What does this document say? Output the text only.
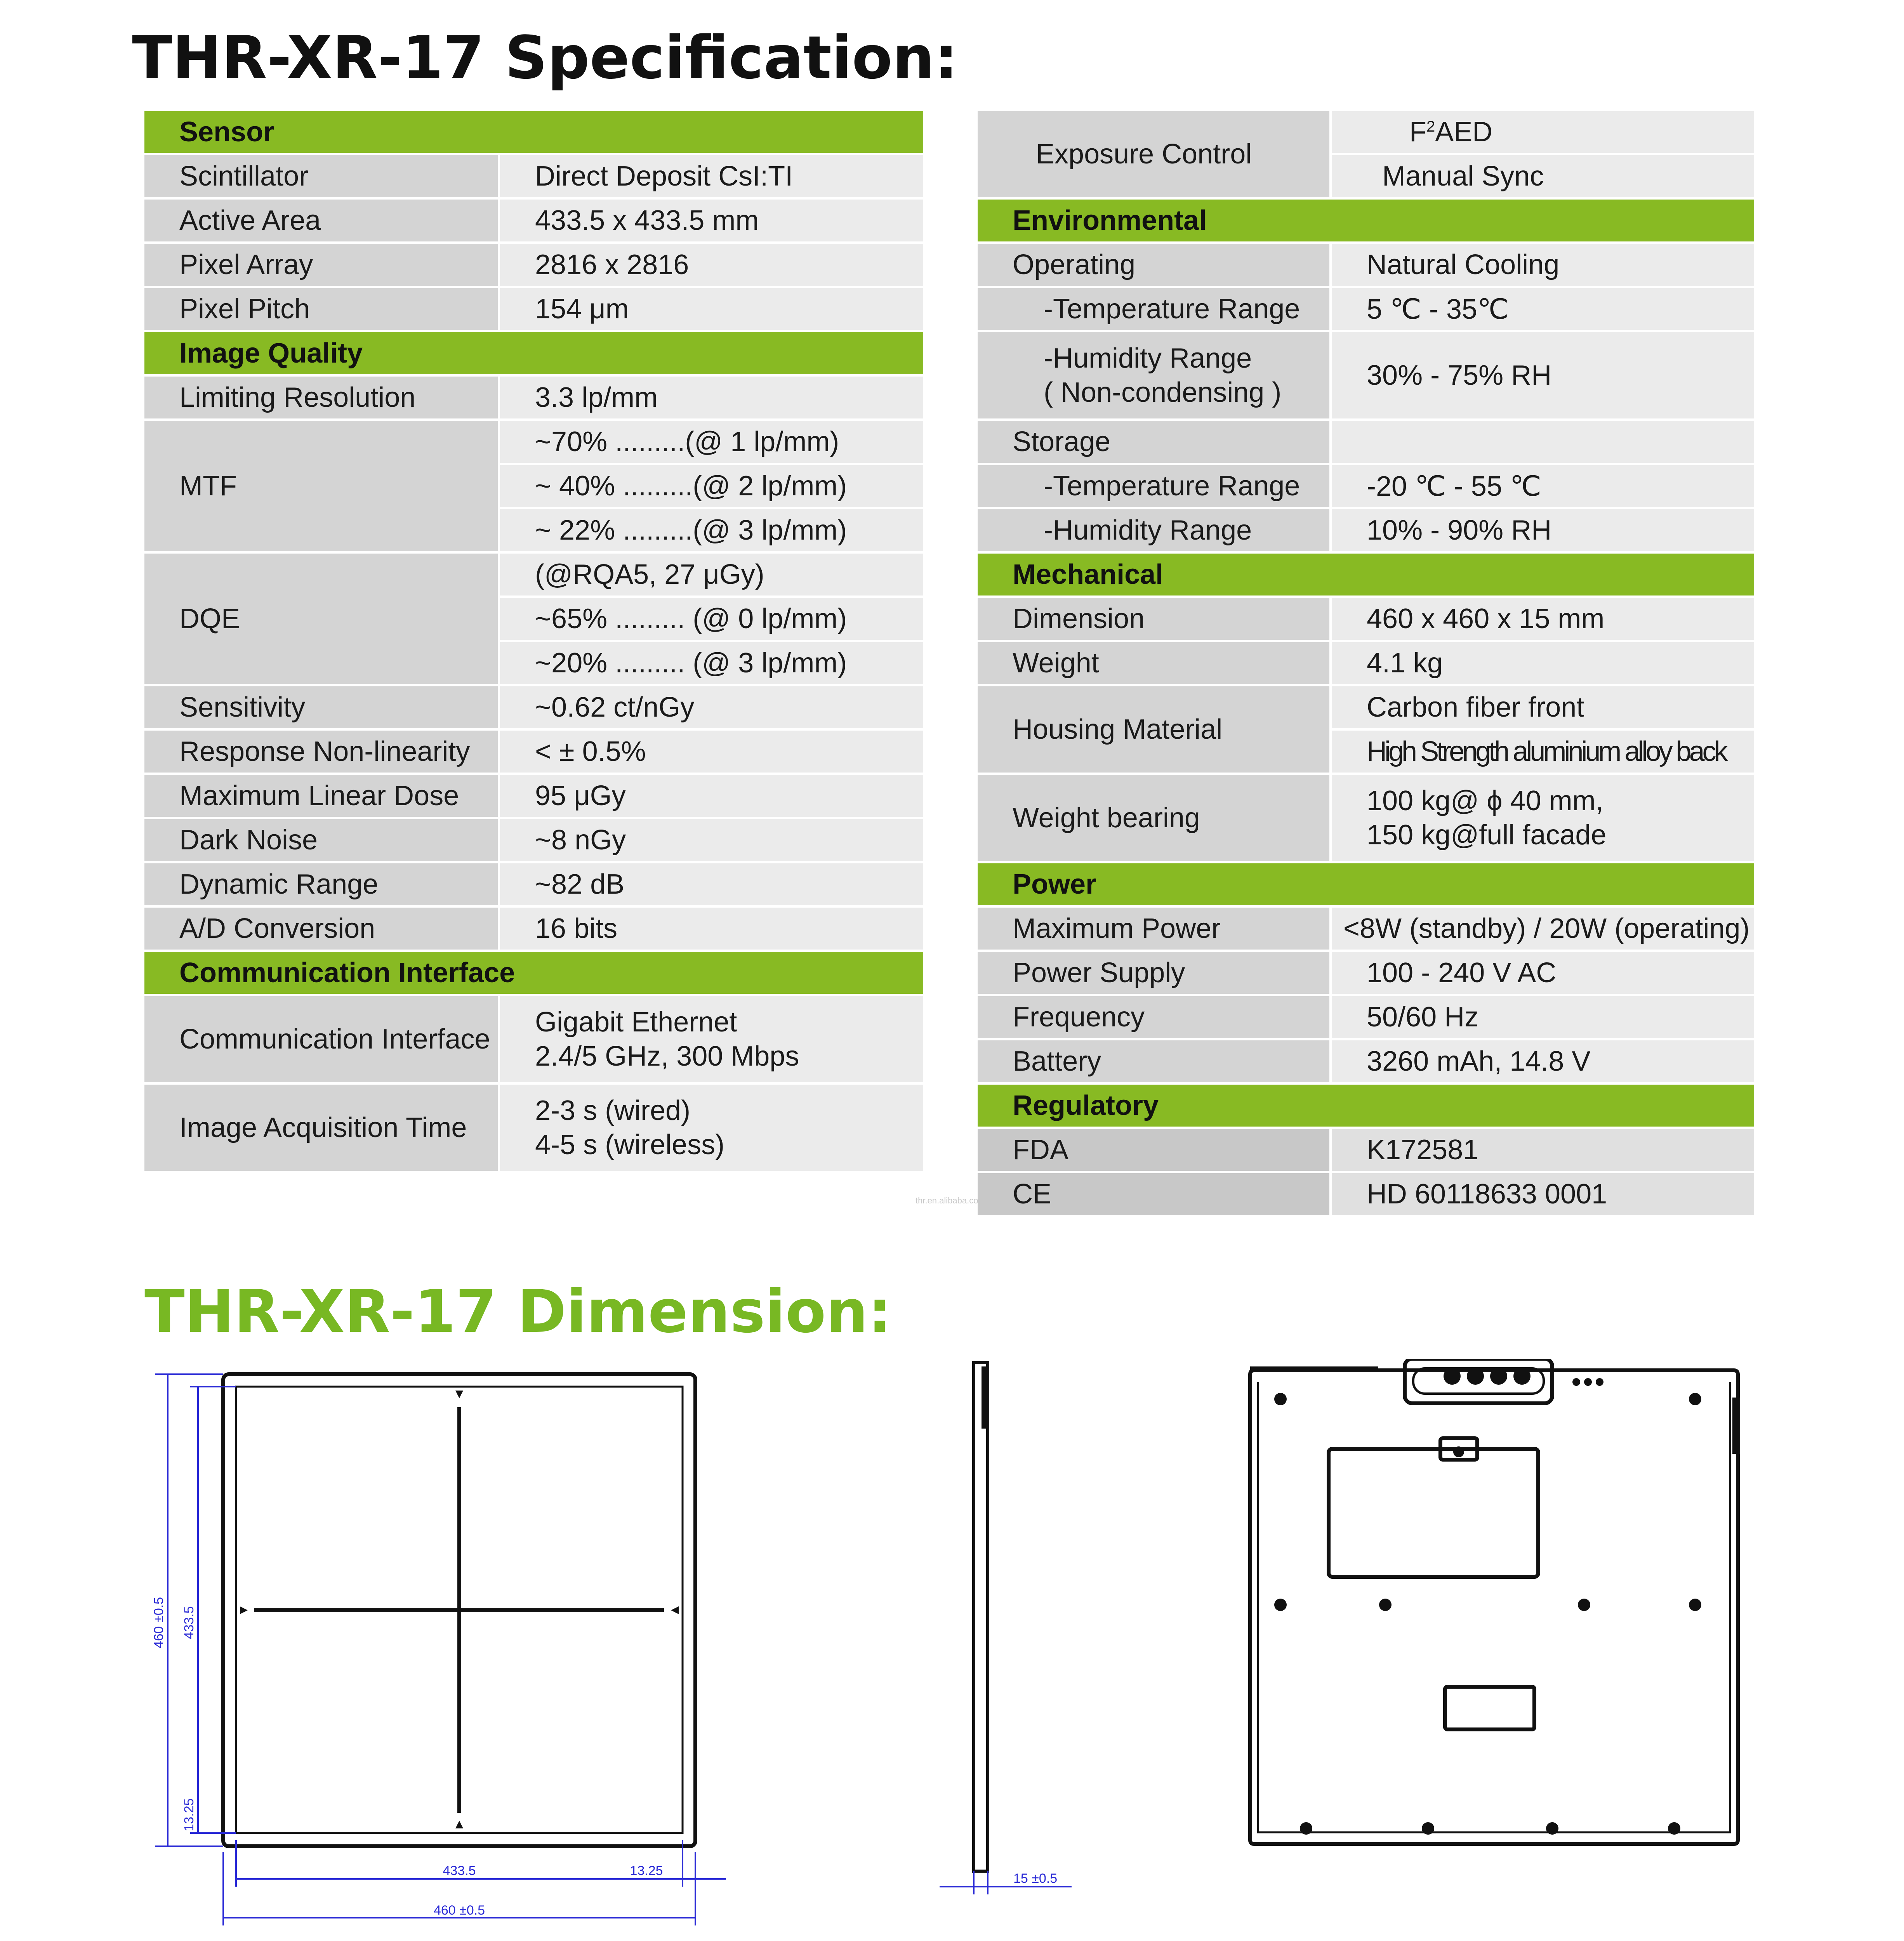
THR-XR-17 Specification:
THR-XR-17 Dimension:
Sensor	
Scintillator	Direct Deposit CsI:TI
Active Area	433.5 x 433.5 mm
Pixel Array	2816 x 2816
Pixel Pitch	154 μm
Image Quality	
Limiting Resolution	3.3 lp/mm
MTF	~70% .........(@ 1 lp/mm)
	~ 40% .........(@ 2 lp/mm)
	~ 22% .........(@ 3 lp/mm)
DQE	(@RQA5, 27 μGy)
	~65% ......... (@ 0 lp/mm)
	~20% ......... (@ 3 lp/mm)
Sensitivity	~0.62 ct/nGy
Response Non-linearity	< ± 0.5%
Maximum Linear Dose	95 μGy
Dark Noise	~8 nGy
Dynamic Range	~82 dB
A/D Conversion	16 bits
Communication Interface	
Communication Interface	Gigabit Ethernet
2.4/5 GHz, 300 Mbps

Image Acquisition Time	2-3 s (wired)
4-5 s (wireless)
Exposure Control	$F^2AED$
	Manual Sync
Environmental	
Operating	Natural Cooling
-Temperature Range	5 ℃ - 35℃

-Humidity Range
( Non-condensing )	30% - 75% RH
Storage	
-Temperature Range	-20 ℃ - 55 ℃
-Humidity Range	10% - 90% RH
Mechanical	
Dimension	460 x 460 x 15 mm
Weight	4.1 kg
Housing Material	Carbon fiber front
	High Strength aluminium alloy back
Weight bearing	100 kg@ ϕ 40 mm,
150 kg@full facade

Power	
Maximum Power	<8W (standby) / 20W (operating)
Power Supply	100 - 240 V AC
Frequency	50/60 Hz
Battery	3260 mAh, 14.8 V
Regulatory	
FDA	K172581
CE	HD 60118633 0001
thr.en.alibaba.com
460 ±0.5 433.5
13.25
433.5	13.25
460 ±0.5
15 ±0.5
